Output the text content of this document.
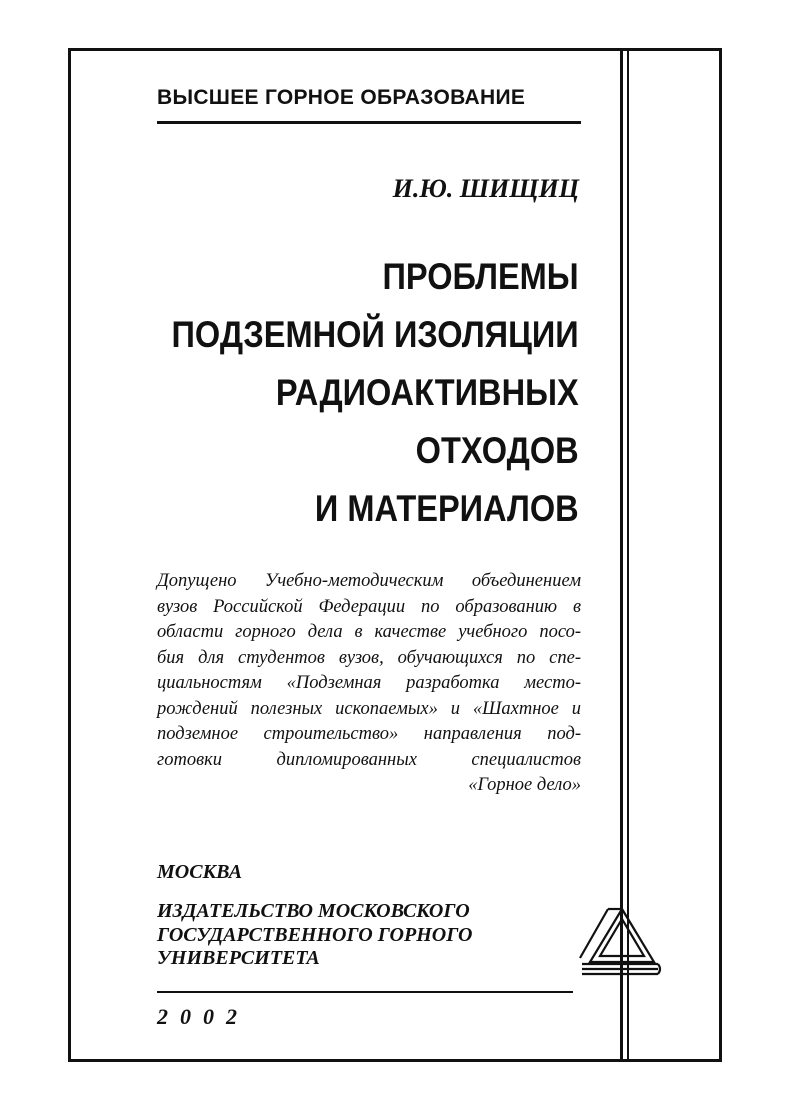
ВЫСШЕЕ ГОРНОЕ ОБРАЗОВАНИЕ
И.Ю. ШИЩИЦ
ПРОБЛЕМЫ
ПОДЗЕМНОЙ ИЗОЛЯЦИИ
РАДИОАКТИВНЫХ
ОТХОДОВ
И МАТЕРИАЛОВ
Допущено Учебно-методическим объединением
вузов Российской Федерации по образованию в
области горного дела в качестве учебного посо-
бия для студентов вузов, обучающихся по спе-
циальностям «Подземная разработка место-
рождений полезных ископаемых» и «Шахтное и
подземное строительство» направления под-
готовки дипломированных специалистов
«Горное дело»
МОСКВА
ИЗДАТЕЛЬСТВО МОСКОВСКОГО
ГОСУДАРСТВЕННОГО ГОРНОГО
УНИВЕРСИТЕТА
2002
